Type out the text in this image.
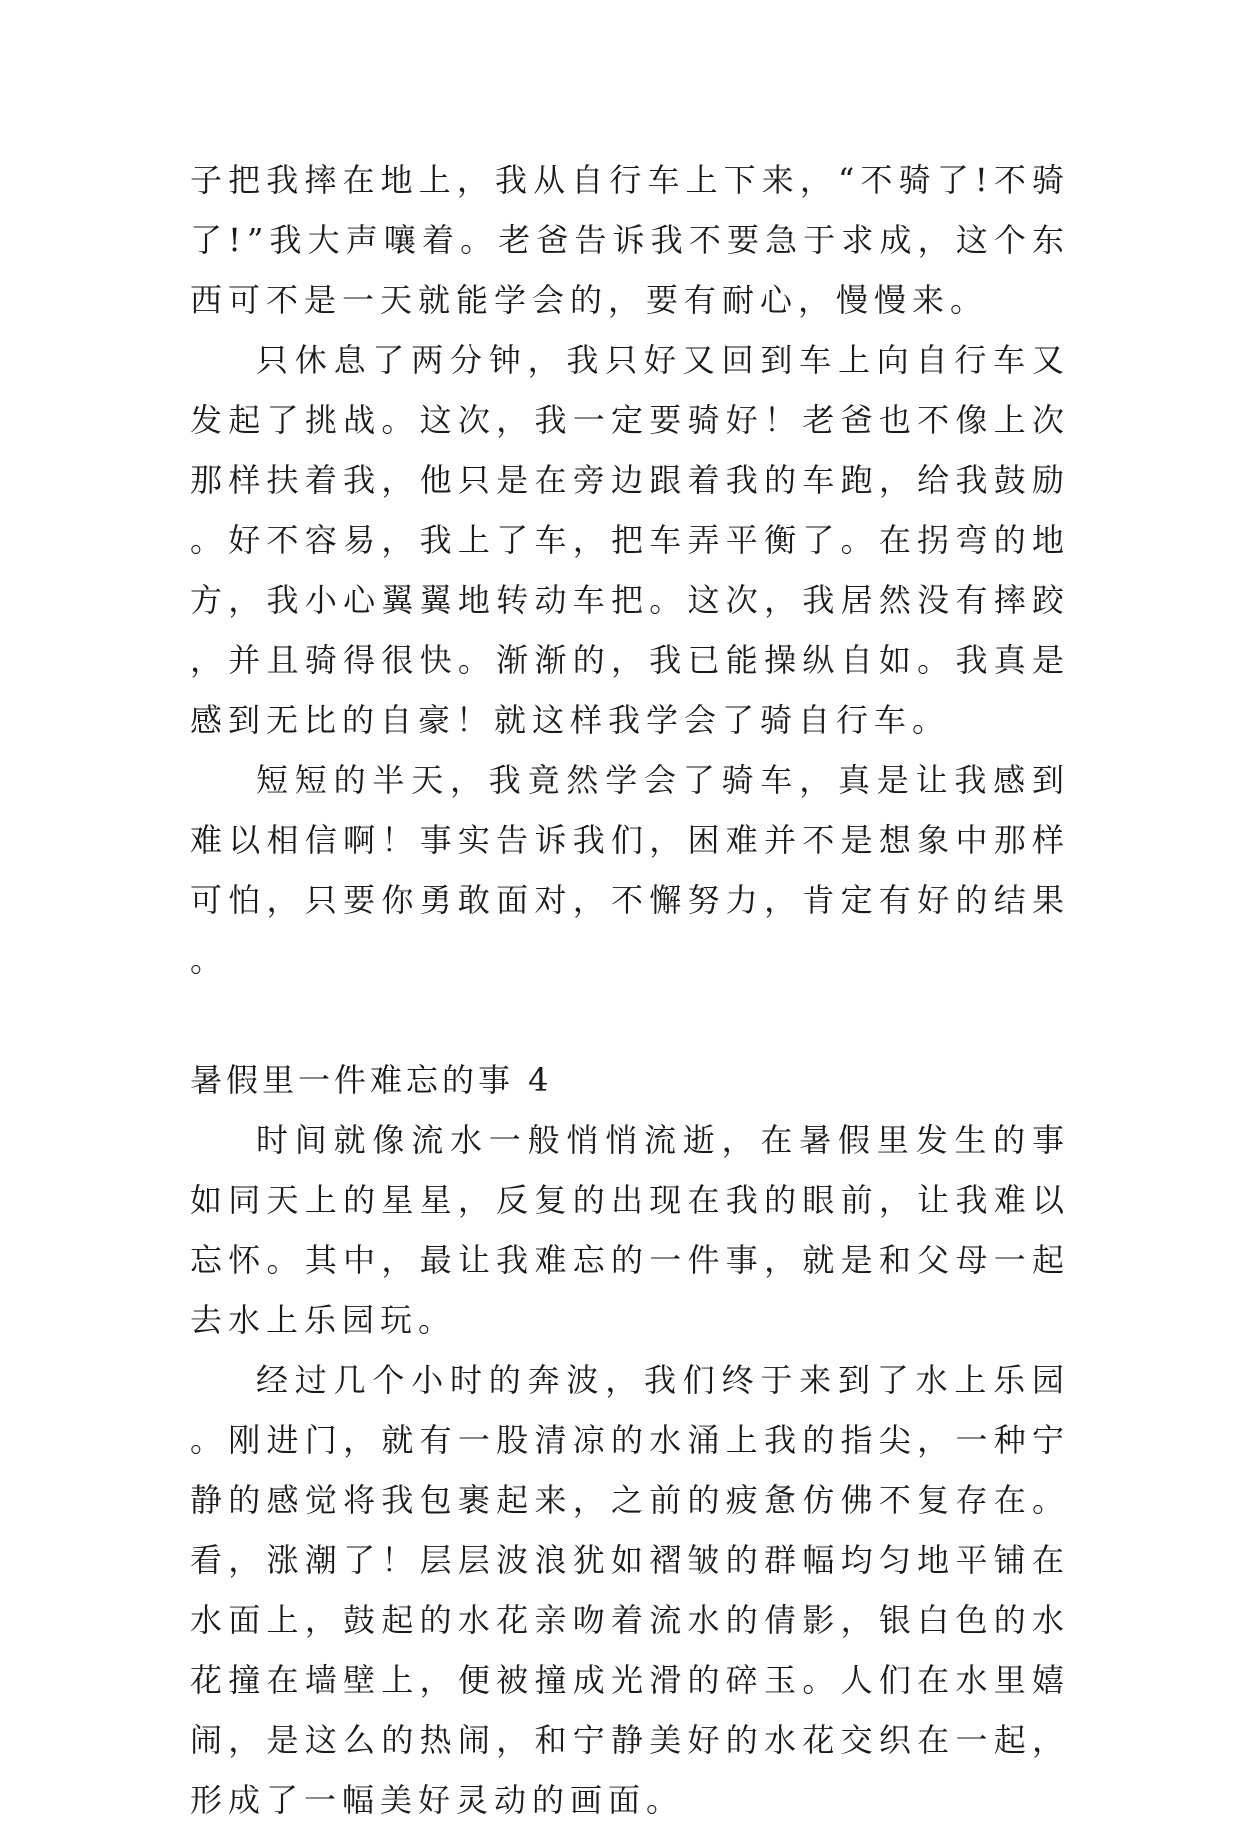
子把我摔在地上，我从自行车上下来，“不骑了!不骑了!”我大声嚷着。老爸告诉我不要急于求成，这个东西可不是一天就能学会的，要有耐心，慢慢来。

只休息了两分钟，我只好又回到车上向自行车又发起了挑战。这次，我一定要骑好！老爸也不像上次那样扶着我，他只是在旁边跟着我的车跑，给我鼓励。好不容易，我上了车，把车弄平衡了。在拐弯的地方，我小心翼翼地转动车把。这次，我居然没有摔跤，并且骑得很快。渐渐的，我已能操纵自如。我真是感到无比的自豪！就这样我学会了骑自行车。

短短的半天，我竟然学会了骑车，真是让我感到难以相信啊！事实告诉我们，困难并不是想象中那样可怕，只要你勇敢面对，不懈努力，肯定有好的结果。

暑假里一件难忘的事 4

时间就像流水一般悄悄流逝，在暑假里发生的事如同天上的星星，反复的出现在我的眼前，让我难以忘怀。其中，最让我难忘的一件事，就是和父母一起去水上乐园玩。

经过几个小时的奔波，我们终于来到了水上乐园。刚进门，就有一股清凉的水涌上我的指尖，一种宁静的感觉将我包裹起来，之前的疲惫仿佛不复存在。看，涨潮了！层层波浪犹如褶皱的群幅均匀地平铺在水面上，鼓起的水花亲吻着流水的倩影，银白色的水花撞在墙壁上，便被撞成光滑的碎玉。人们在水里嬉闹，是这么的热闹，和宁静美好的水花交织在一起，形成了一幅美好灵动的画面。
